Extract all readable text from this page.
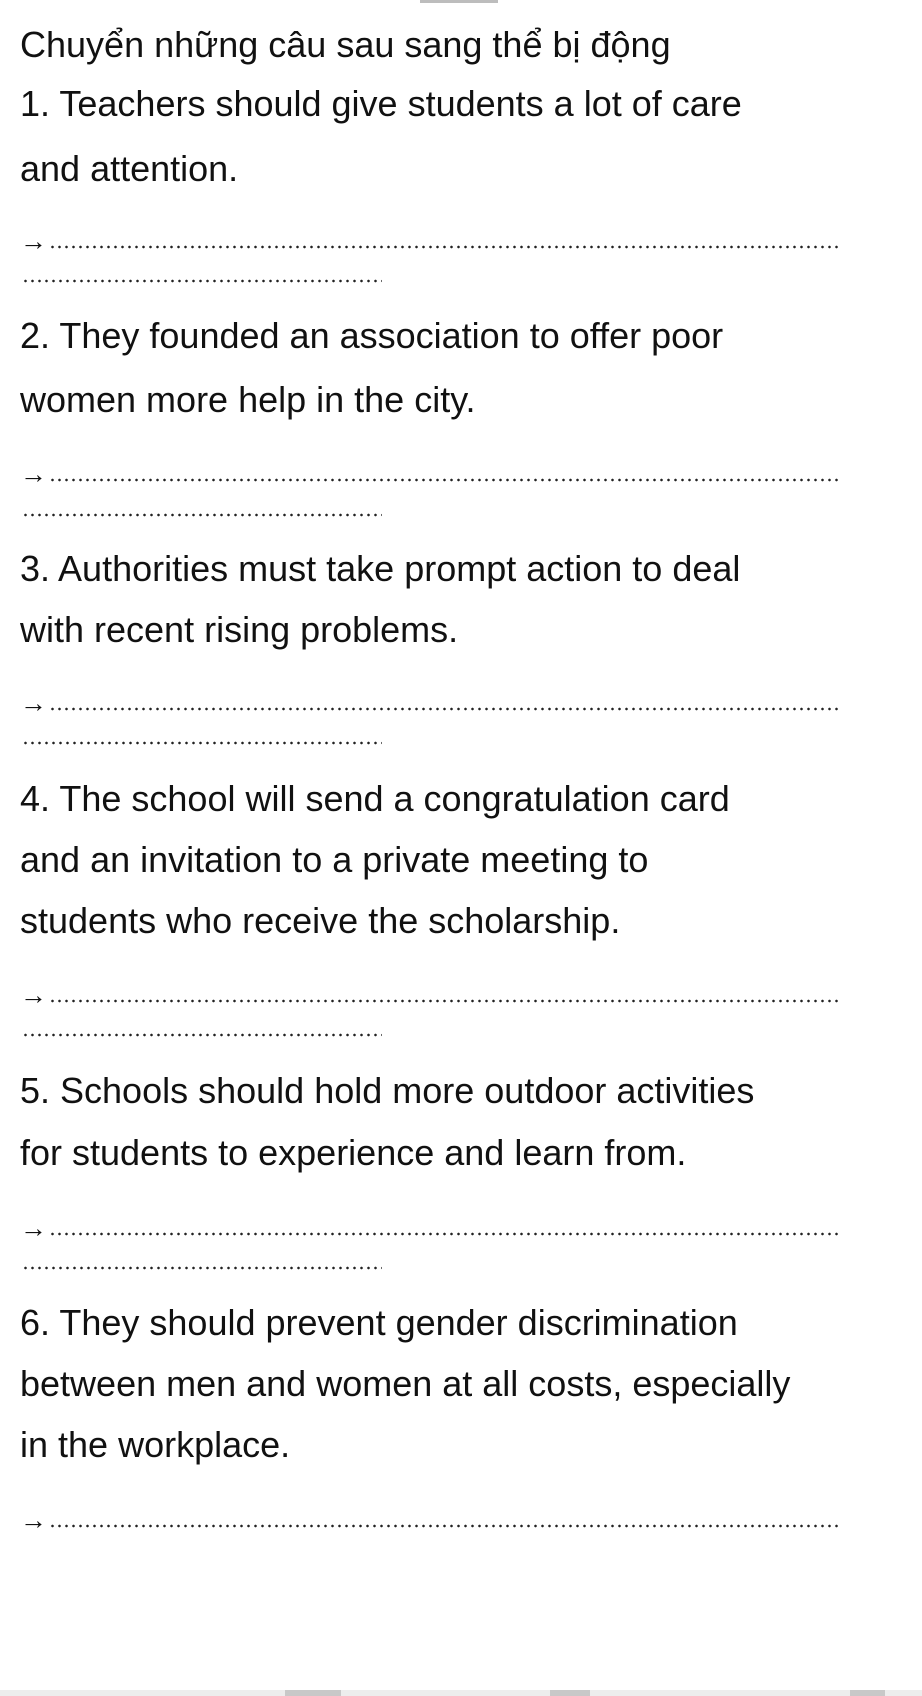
Chuyển những câu sau sang thể bị động
1. Teachers should give students a lot of care
and attention.
→
2. They founded an association to offer poor
women more help in the city.
→
3. Authorities must take prompt action to deal
with recent rising problems.
→
4. The school will send a congratulation card
and an invitation to a private meeting to
students who receive the scholarship.
→
5. Schools should hold more outdoor activities
for students to experience and learn from.
→
6. They should prevent gender discrimination
between men and women at all costs, especially
in the workplace.
→
